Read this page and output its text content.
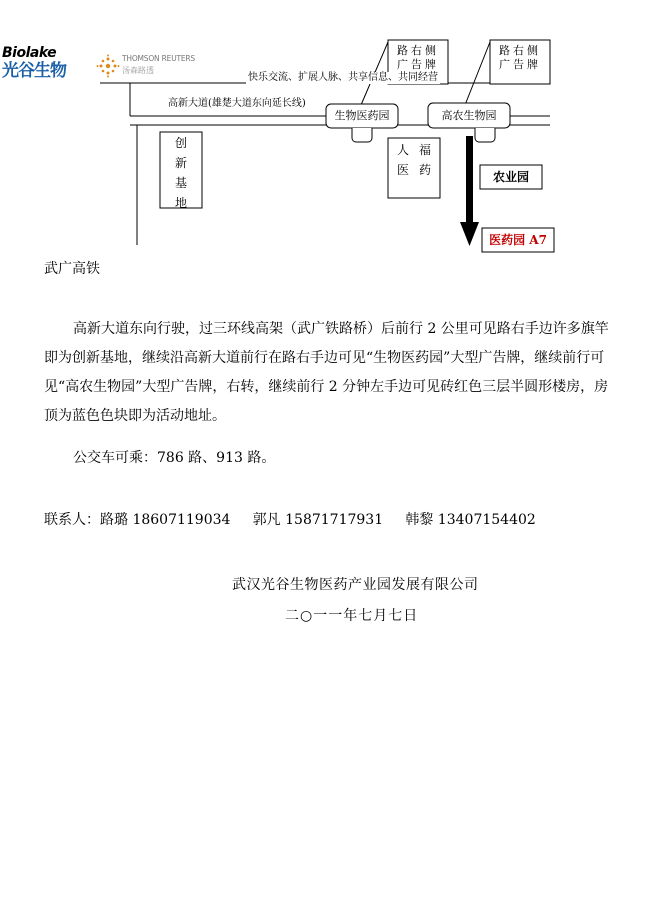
Biolake
光谷生物
THOMSON REUTERS
汤森路透
快乐交流、扩展人脉、共享信息、共同经营
高新大道(雄楚大道东向延长线)
路右侧广告牌
路右侧广告牌
生物医药园	高农生物园
创新基地
福药
人医	农业园
医药园 A7
武广高铁
高新大道东向行驶，过三环线高架（武广铁路桥）后前行 2 公里可见路右手边许多旗竿即为创新基地，继续沿高新大道前行在路右手边可见“生物医药园”大型广告牌，继续前行可见“高农生物园”大型广告牌，右转，继续前行 2 分钟左手边可见砖红色三层半圆形楼房，房顶为蓝色色块即为活动地址。
公交车可乘：786 路、913 路。
联系人：路璐 18607119034     郭凡 15871717931     韩黎 13407154402
武汉光谷生物医药产业园发展有限公司
二○一一年七月七日
